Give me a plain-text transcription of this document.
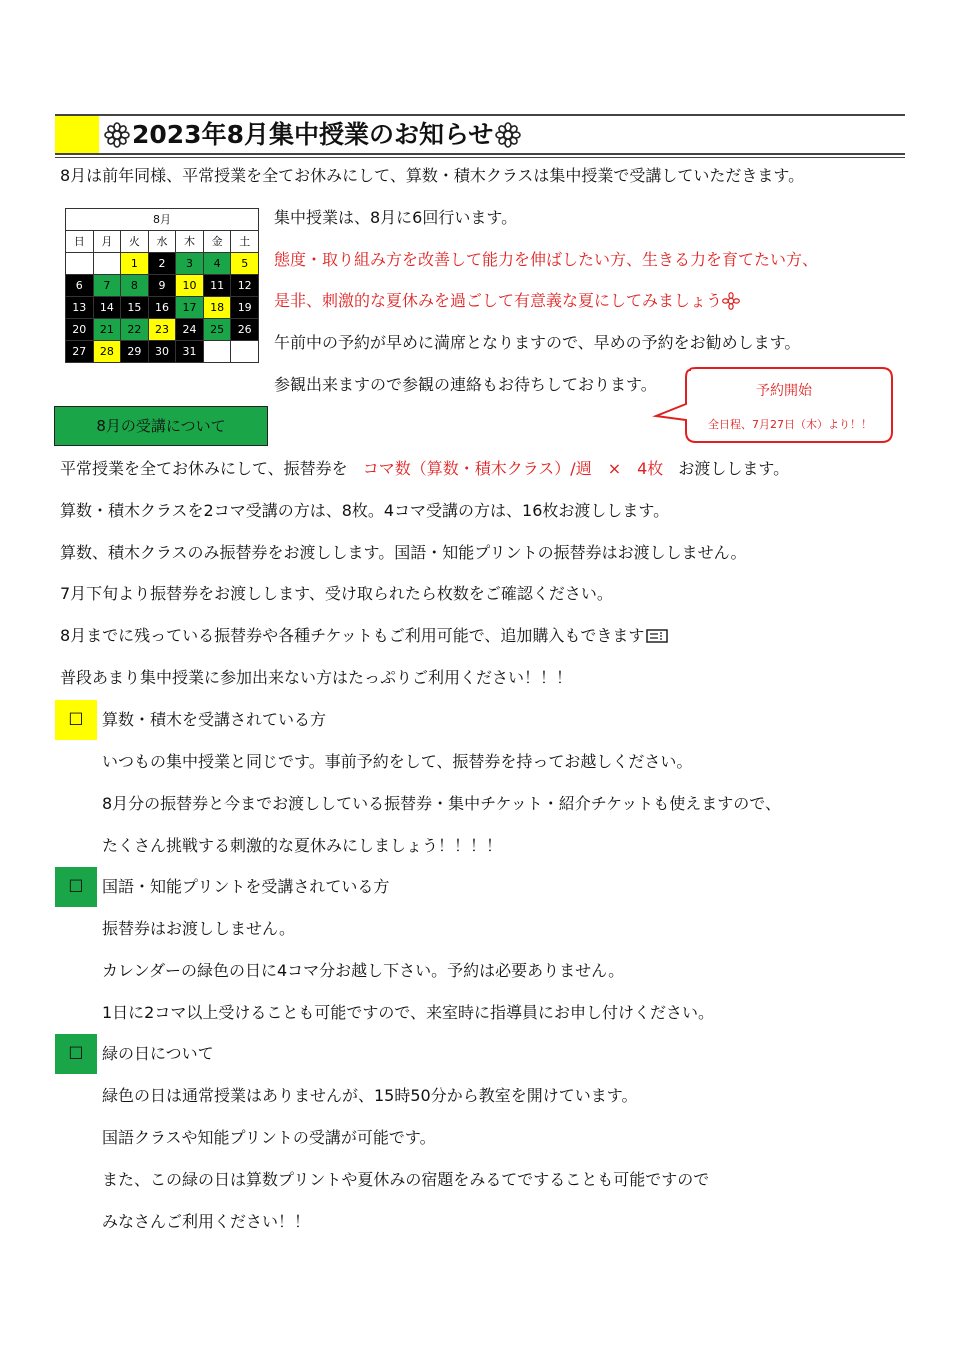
2023年8月集中授業のお知らせ
8月は前年同様、平常授業を全てお休みにして、算数・積木クラスは集中授業で受講していただきます。
8月						
日	月	火	水	木	金	土
		1	2	3	4	5
6	7	8	9	10	11	12
13	14	15	16	17	18	19
20	21	22	23	24	25	26
27	28	29	30	31		
集中授業は、8月に6回行います。
態度・取り組み方を改善して能力を伸ばしたい方、生きる力を育てたい方、
是非、刺激的な夏休みを過ごして有意義な夏にしてみましょう
午前中の予約が早めに満席となりますので、早めの予約をお勧めします。
参観出来ますので参観の連絡もお待ちしております。	予約開始
全日程、7月27日（木）より！！
8月の受講について
平常授業を全てお休みにして、振替券を コマ数（算数・積木クラス）/週　×　4枚 お渡しします。
算数・積木クラスを2コマ受講の方は、8枚。4コマ受講の方は、16枚お渡しします。
算数、積木クラスのみ振替券をお渡しします。国語・知能プリントの振替券はお渡ししません。
7月下旬より振替券をお渡しします、受け取られたら枚数をご確認ください。
8月までに残っている振替券や各種チケットもご利用可能で、追加購入もできます
普段あまり集中授業に参加出来ない方はたっぷりご利用ください！！！
☐	算数・積木を受講されている方
いつもの集中授業と同じです。事前予約をして、振替券を持ってお越しください。
8月分の振替券と今までお渡ししている振替券・集中チケット・紹介チケットも使えますので、
たくさん挑戦する刺激的な夏休みにしましょう！！！！
☐	国語・知能プリントを受講されている方
振替券はお渡ししません。
カレンダーの緑色の日に4コマ分お越し下さい。予約は必要ありません。
1日に2コマ以上受けることも可能ですので、来室時に指導員にお申し付けください。
☐	緑の日について
緑色の日は通常授業はありませんが、15時50分から教室を開けています。
国語クラスや知能プリントの受講が可能です。
また、この緑の日は算数プリントや夏休みの宿題をみるてですることも可能ですので
みなさんご利用ください！！
